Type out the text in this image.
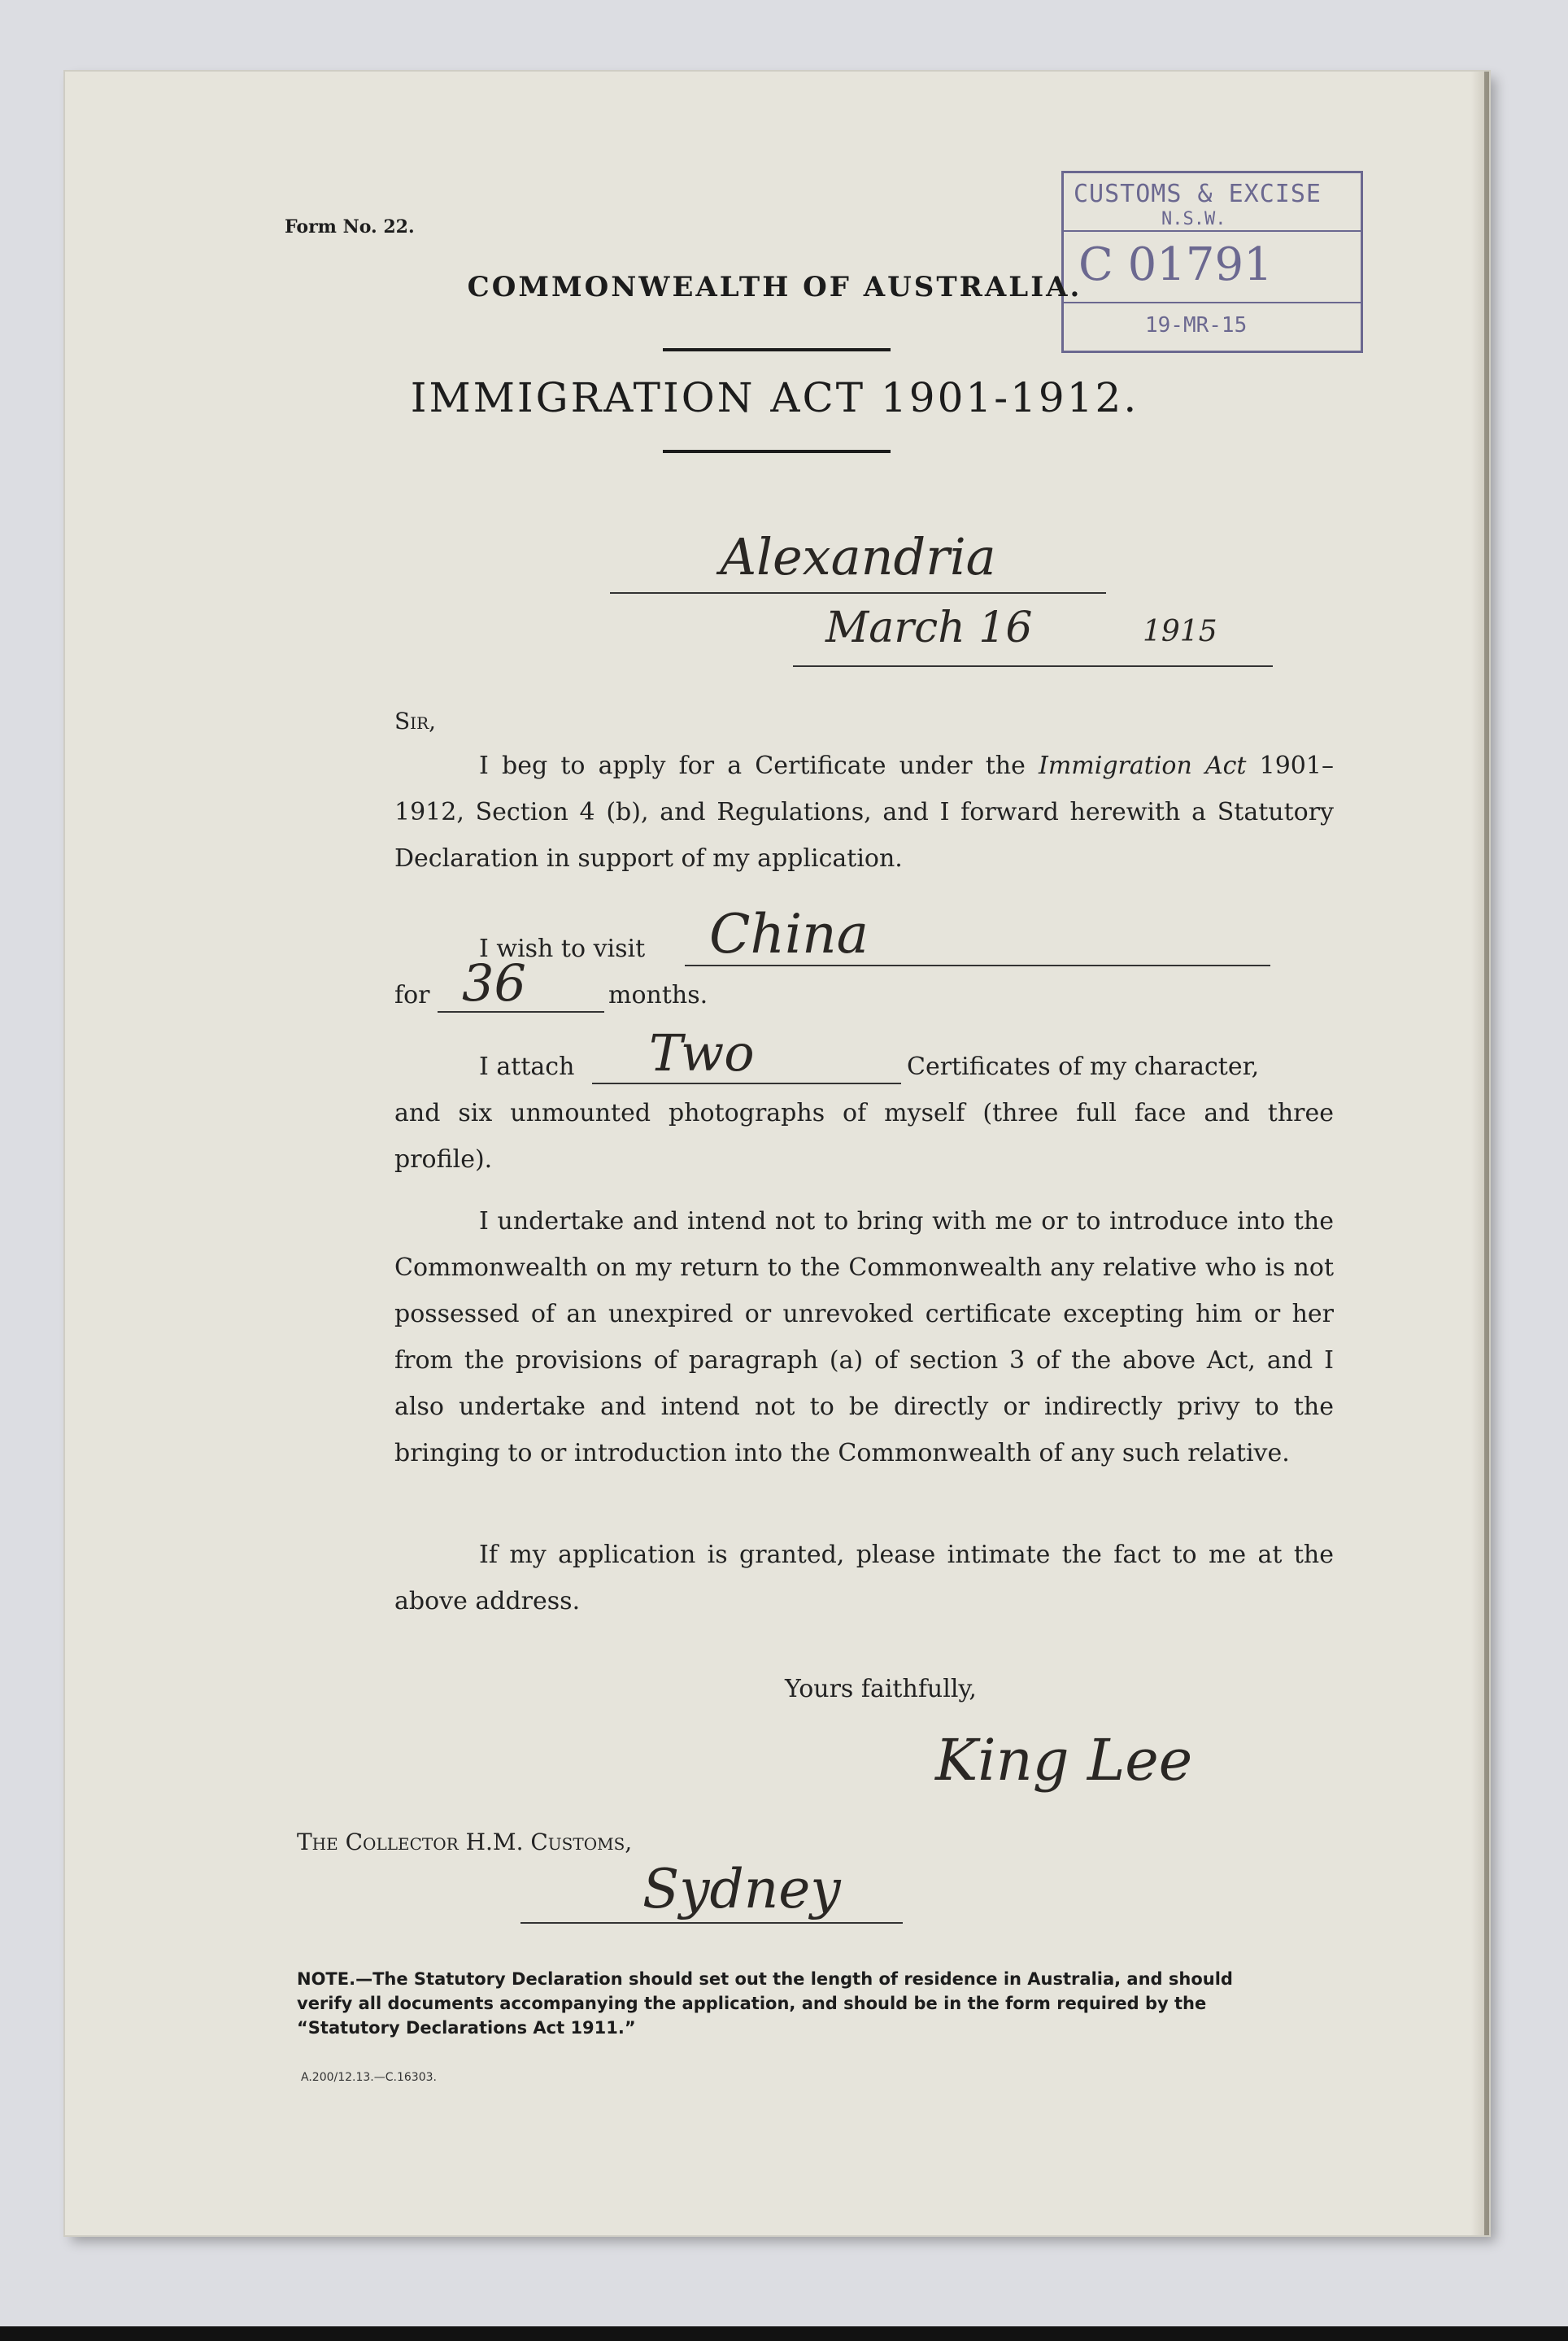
Form No. 22.
CUSTOMS & EXCISE
N.S.W.
C 01791
19-MR-15
COMMONWEALTH OF AUSTRALIA.
IMMIGRATION ACT 1901-1912.
Alexandria
March 16	1915
Sir,
I beg to apply for a Certificate under the Immigration Act 1901–1912, Section 4 (b), and Regulations, and I forward herewith a Statutory Declaration in support of my application.
I wish to visit China
for 36	months.
I attach Two	Certificates of my character,
and six unmounted photographs of myself (three full face and three profile).
I undertake and intend not to bring with me or to introduce into the Commonwealth on my return to the Commonwealth any relative who is not possessed of an unexpired or unrevoked certificate excepting him or her from the provisions of paragraph (a) of section 3 of the above Act, and I also undertake and intend not to be directly or indirectly privy to the bringing to or introduction into the Commonwealth of any such relative.
If my application is granted, please intimate the fact to me at the above address.
Yours faithfully,
King Lee
The Collector H.M. Customs,
Sydney
NOTE.—The Statutory Declaration should set out the length of residence in Australia, and should verify all documents accompanying the application, and should be in the form required by the “Statutory Declarations Act 1911.”
A.200/12.13.—C.16303.
